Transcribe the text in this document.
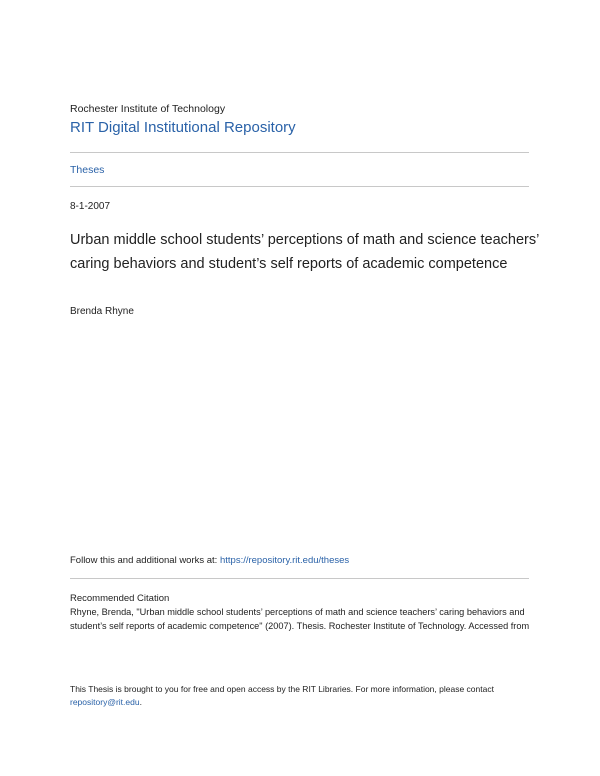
Rochester Institute of Technology
RIT Digital Institutional Repository
Theses
8-1-2007
Urban middle school students’ perceptions of math and science teachers’ caring behaviors and student’s self reports of academic competence
Brenda Rhyne
Follow this and additional works at: https://repository.rit.edu/theses
Recommended Citation
Rhyne, Brenda, "Urban middle school students’ perceptions of math and science teachers’ caring behaviors and student’s self reports of academic competence" (2007). Thesis. Rochester Institute of Technology. Accessed from
This Thesis is brought to you for free and open access by the RIT Libraries. For more information, please contact repository@rit.edu.
